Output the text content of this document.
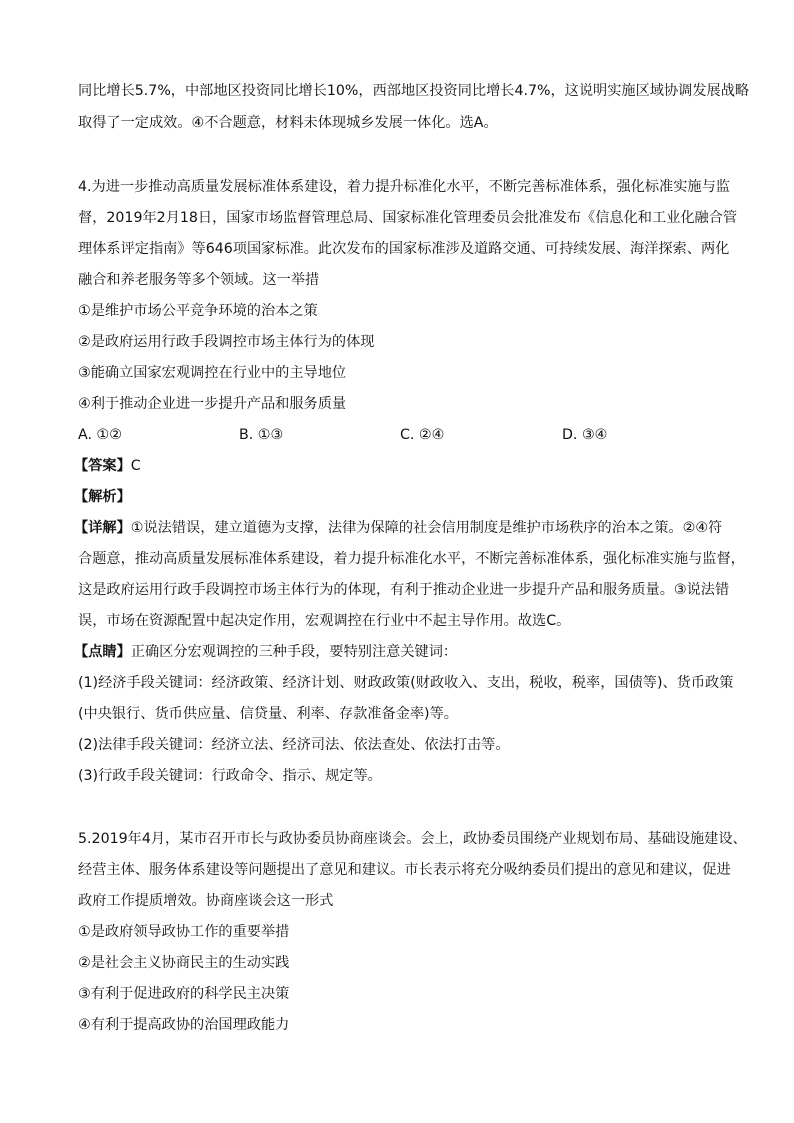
同比增长5.7%，中部地区投资同比增长10%，西部地区投资同比增长4.7%，这说明实施区域协调发展战略
取得了一定成效。④不合题意，材料未体现城乡发展一体化。选A。
4.为进一步推动高质量发展标准体系建设，着力提升标准化水平，不断完善标准体系，强化标准实施与监
督，2019年2月18日，国家市场监督管理总局、国家标准化管理委员会批准发布《信息化和工业化融合管
理体系评定指南》等646项国家标准。此次发布的国家标准涉及道路交通、可持续发展、海洋探索、两化
融合和养老服务等多个领域。这一举措
①是维护市场公平竞争环境的治本之策
②是政府运用行政手段调控市场主体行为的体现
③能确立国家宏观调控在行业中的主导地位
④利于推动企业进一步提升产品和服务质量
A. ①②	B. ①③	C. ②④	D. ③④
【答案】C
【解析】
【详解】①说法错误，建立道德为支撑，法律为保障的社会信用制度是维护市场秩序的治本之策。②④符
合题意，推动高质量发展标准体系建设，着力提升标准化水平，不断完善标准体系，强化标准实施与监督，
这是政府运用行政手段调控市场主体行为的体现，有利于推动企业进一步提升产品和服务质量。③说法错
误，市场在资源配置中起决定作用，宏观调控在行业中不起主导作用。故选C。
【点睛】正确区分宏观调控的三种手段，要特别注意关键词：
(1)经济手段关键词：经济政策、经济计划、财政政策(财政收入、支出，税收，税率，国债等)、货币政策
(中央银行、货币供应量、信贷量、利率、存款准备金率)等。
(2)法律手段关键词：经济立法、经济司法、依法查处、依法打击等。
(3)行政手段关键词：行政命令、指示、规定等。
5.2019年4月，某市召开市长与政协委员协商座谈会。会上，政协委员围绕产业规划布局、基础设施建设、
经营主体、服务体系建设等问题提出了意见和建议。市长表示将充分吸纳委员们提出的意见和建议，促进
政府工作提质增效。协商座谈会这一形式
①是政府领导政协工作的重要举措
②是社会主义协商民主的生动实践
③有利于促进政府的科学民主决策
④有利于提高政协的治国理政能力
